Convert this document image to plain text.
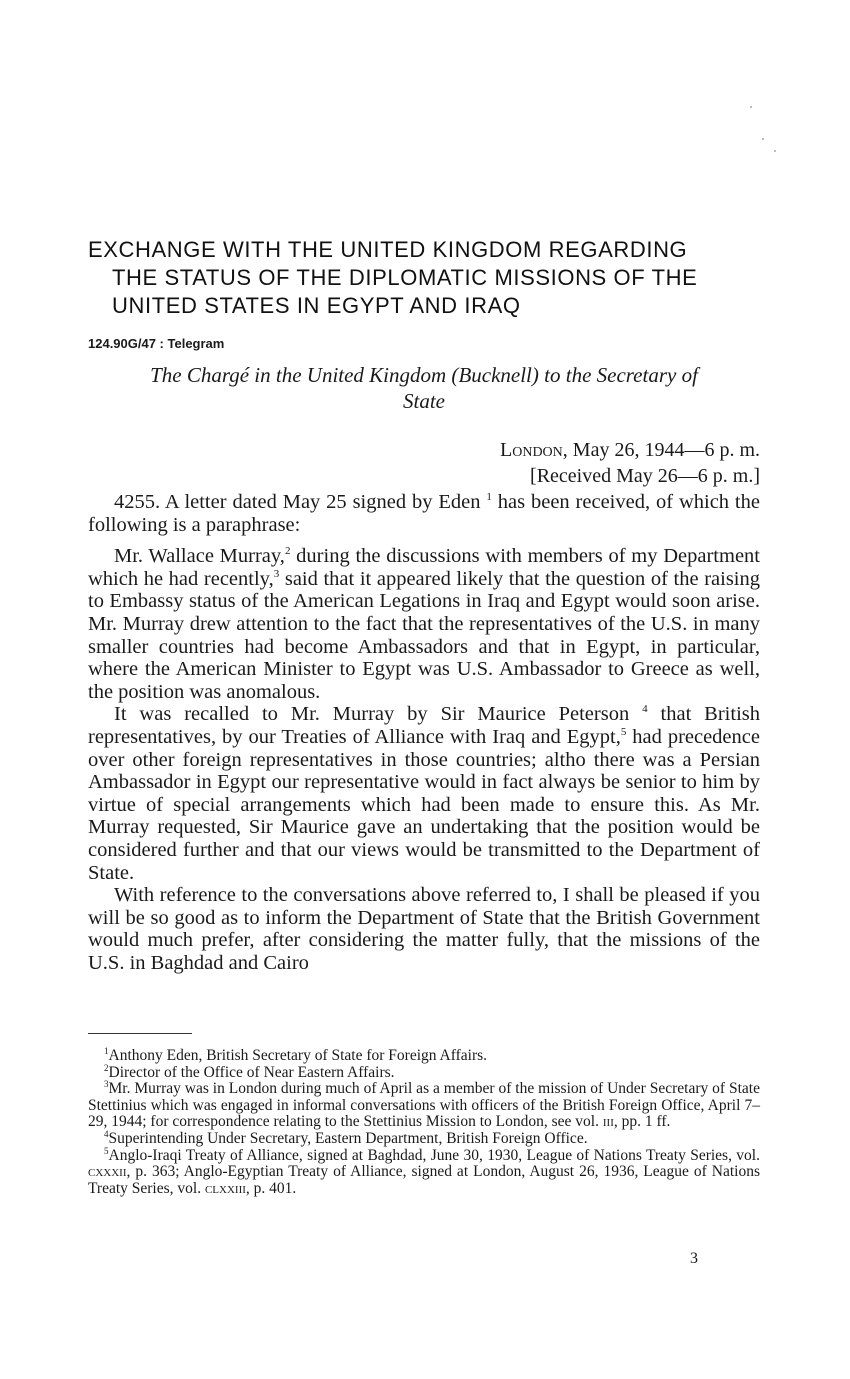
EXCHANGE WITH THE UNITED KINGDOM REGARDING
THE STATUS OF THE DIPLOMATIC MISSIONS OF THE
UNITED STATES IN EGYPT AND IRAQ
124.90G/47 : Telegram
The Chargé in the United Kingdom (Bucknell) to the Secretary of
State
London, May 26, 1944—6 p. m.
[Received May 26—6 p. m.]

4255. A letter dated May 25 signed by Eden $^1$ has been received, of which the following is a paraphrase:

Mr. Wallace Murray,$^2$ during the discussions with members of my Department which he had recently,$^3$ said that it appeared likely that the question of the raising to Embassy status of the American Legations in Iraq and Egypt would soon arise. Mr. Murray drew attention to the fact that the representatives of the U.S. in many smaller countries had become Ambassadors and that in Egypt, in particular, where the American Minister to Egypt was U.S. Ambassador to Greece as well, the position was anomalous.

It was recalled to Mr. Murray by Sir Maurice Peterson $^4$ that British representatives, by our Treaties of Alliance with Iraq and Egypt,$^5$ had precedence over other foreign representatives in those countries; altho there was a Persian Ambassador in Egypt our representative would in fact always be senior to him by virtue of special arrangements which had been made to ensure this. As Mr. Murray requested, Sir Maurice gave an undertaking that the position would be considered further and that our views would be transmitted to the Department of State.

With reference to the conversations above referred to, I shall be pleased if you will be so good as to inform the Department of State that the British Government would much prefer, after considering the matter fully, that the missions of the U.S. in Baghdad and Cairo

$^1$Anthony Eden, British Secretary of State for Foreign Affairs.

$^2$Director of the Office of Near Eastern Affairs.

$^3$Mr. Murray was in London during much of April as a member of the mission of Under Secretary of State Stettinius which was engaged in informal conversations with officers of the British Foreign Office, April 7–29, 1944; for correspondence relating to the Stettinius Mission to London, see vol. iii, pp. 1 ff.

$^4$Superintending Under Secretary, Eastern Department, British Foreign Office.

$^5$Anglo-Iraqi Treaty of Alliance, signed at Baghdad, June 30, 1930, League of Nations Treaty Series, vol. cxxxii, p. 363; Anglo-Egyptian Treaty of Alliance, signed at London, August 26, 1936, League of Nations Treaty Series, vol. clxxiii, p. 401.

3
